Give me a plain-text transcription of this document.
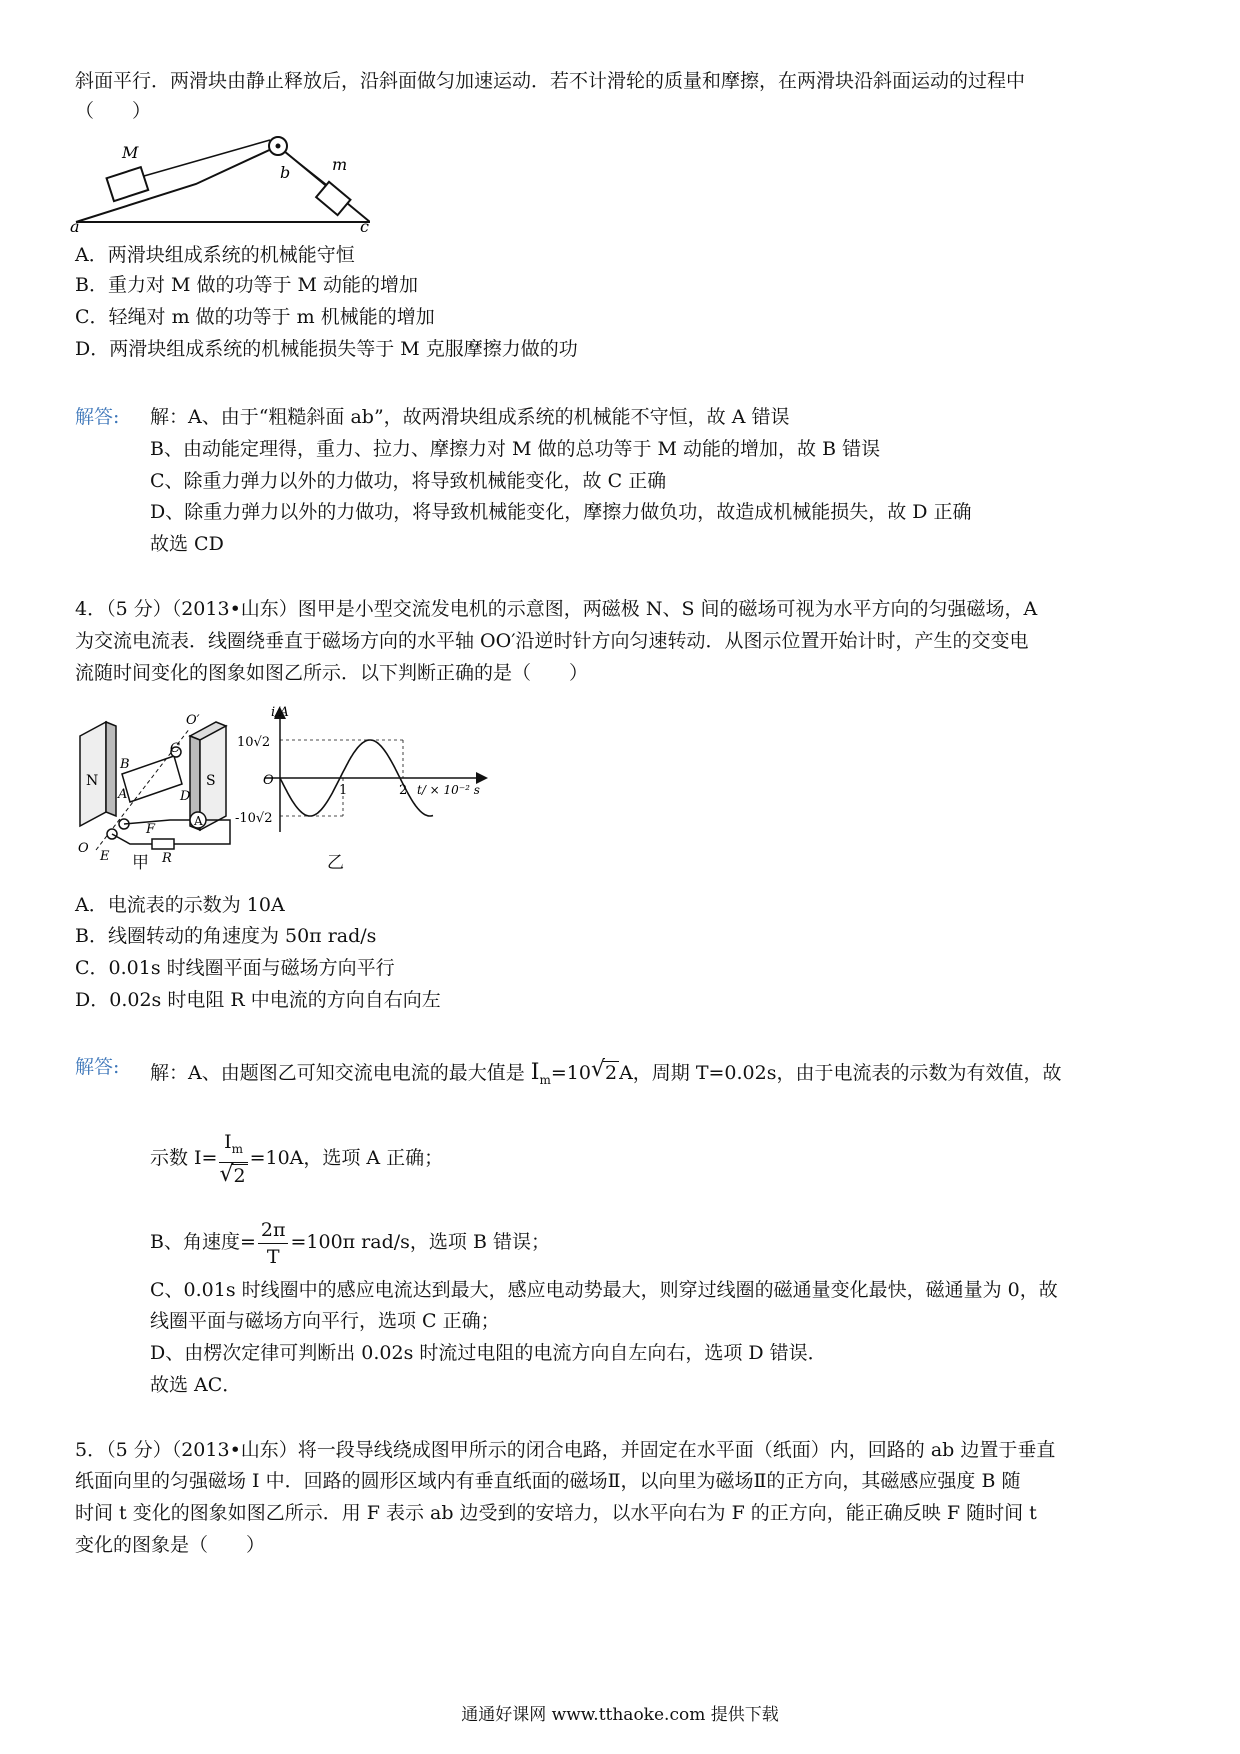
斜面平行．两滑块由静止释放后，沿斜面做匀加速运动．若不计滑轮的质量和摩擦，在两滑块沿斜面运动的过程中
（　　）
M
b	m
a	c
A．两滑块组成系统的机械能守恒
B．重力对 M 做的功等于 M 动能的增加
C．轻绳对 m 做的功等于 m 机械能的增加
D．两滑块组成系统的机械能损失等于 M 克服摩擦力做的功
解答: 解：A、由于“粗糙斜面 ab”，故两滑块组成系统的机械能不守恒，故 A 错误
B、由动能定理得，重力、拉力、摩擦力对 M 做的总功等于 M 动能的增加，故 B 错误
C、除重力弹力以外的力做功，将导致机械能变化，故 C 正确
D、除重力弹力以外的力做功，将导致机械能变化，摩擦力做负功，故造成机械能损失，故 D 正确
故选 CD
4．（5 分）（2013•山东）图甲是小型交流发电机的示意图，两磁极 N、S 间的磁场可视为水平方向的匀强磁场，A
为交流电流表．线圈绕垂直于磁场方向的水平轴 OO′沿逆时针方向匀速转动．从图示位置开始计时，产生的交变电
流随时间变化的图象如图乙所示．以下判断正确的是（　　）
A
N	S
B
A
C
D
F
R
E
O
O′
甲
i/A
10√2
-10√2
O
1	2 t/ × 10⁻² s
乙
A．电流表的示数为 10A
B．线圈转动的角速度为 50π rad/s
C．0.01s 时线圈平面与磁场方向平行
D．0.02s 时电阻 R 中电流的方向自右向左
解答: 解：A、由题图乙可知交流电电流的最大值是 $I_m=10$ √ 2 A，周期 T=0.02s，由于电流表的示数为有效值，故
示数 $I= \frac{I_m}{√ 2} =10A$，选项 A 正确；
B、角速度= $\frac{2\pi}{T} =100\pi$ rad/s，选项 B 错误；
C、0.01s 时线圈中的感应电流达到最大，感应电动势最大，则穿过线圈的磁通量变化最快，磁通量为 0，故
线圈平面与磁场方向平行，选项 C 正确；
D、由楞次定律可判断出 0.02s 时流过电阻的电流方向自左向右，选项 D 错误．
故选 AC．
5．（5 分）（2013•山东）将一段导线绕成图甲所示的闭合电路，并固定在水平面（纸面）内，回路的 ab 边置于垂直
纸面向里的匀强磁场 I 中．回路的圆形区域内有垂直纸面的磁场Ⅱ，以向里为磁场Ⅱ的正方向，其磁感应强度 B 随
时间 t 变化的图象如图乙所示．用 F 表示 ab 边受到的安培力，以水平向右为 F 的正方向，能正确反映 F 随时间 t
变化的图象是（　　）
通通好课网 www.tthaoke.com 提供下载
